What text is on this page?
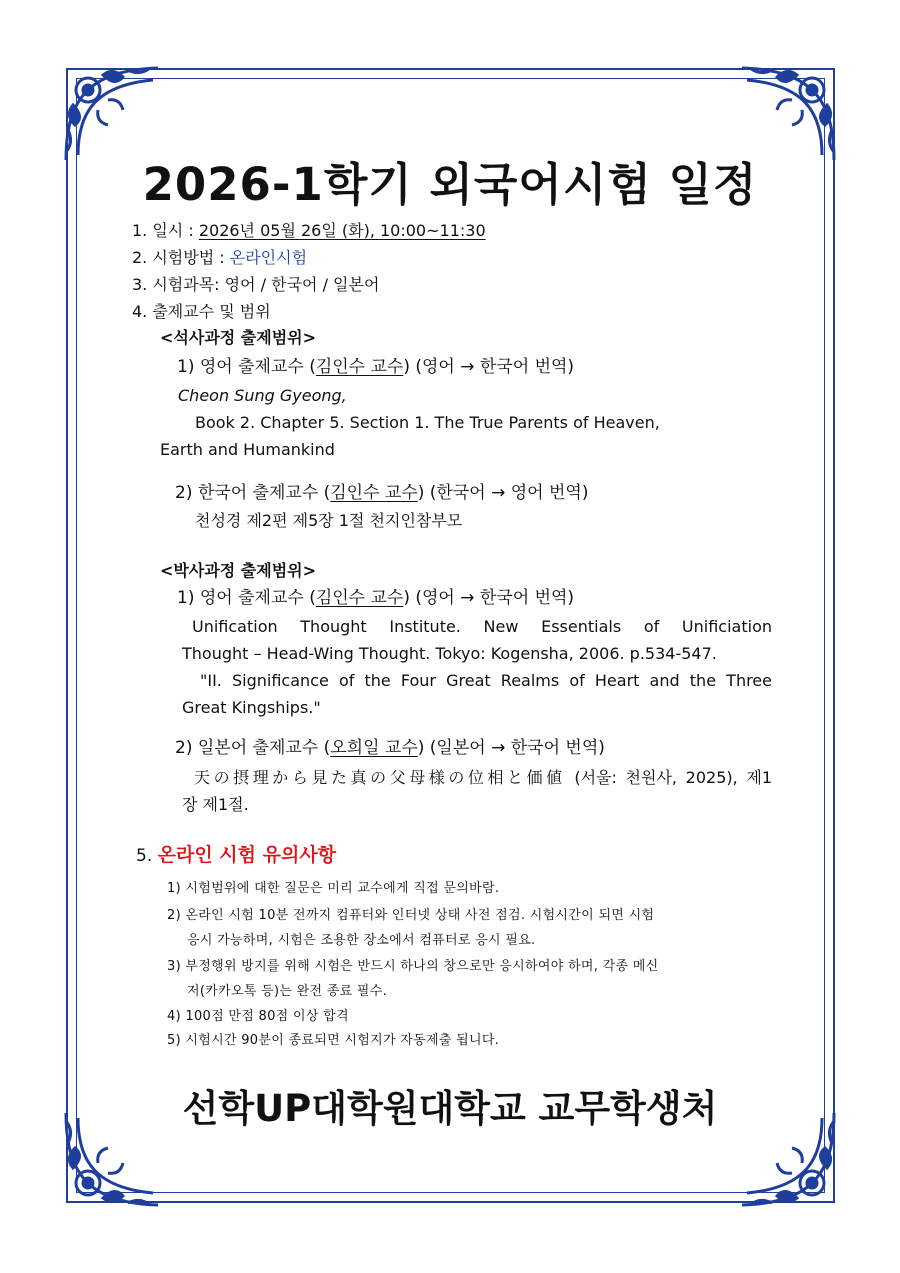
2026-1학기 외국어시험 일정
1. 일시 : 2026년 05월 26일 (화), 10:00~11:30
2. 시험방법 : 온라인시험
3. 시험과목: 영어 / 한국어 / 일본어
4. 출제교수 및 범위
<석사과정 출제범위>
1) 영어 출제교수 (김인수 교수) (영어 → 한국어 번역)
Cheon Sung Gyeong,
Book 2. Chapter 5. Section 1. The True Parents of Heaven,
Earth and Humankind
2) 한국어 출제교수 (김인수 교수) (한국어 → 영어 번역)
천성경 제2편 제5장 1절 천지인참부모
<박사과정 출제범위>
1) 영어 출제교수 (김인수 교수) (영어 → 한국어 번역)
Unification Thought Institute. New Essentials of Unificiation
Thought – Head-Wing Thought. Tokyo: Kogensha, 2006. p.534-547.
"II. Significance of the Four Great Realms of Heart and the Three
Great Kingships."
2) 일본어 출제교수 (오희일 교수) (일본어 → 한국어 번역)
天の摂理から見た真の父母様の位相と価値 (서울: 천원사, 2025), 제1
장 제1절.
5. 온라인 시험 유의사항
1) 시험범위에 대한 질문은 미리 교수에게 직접 문의바람.
2) 온라인 시험 10분 전까지 컴퓨터와 인터넷 상태 사전 점검. 시험시간이 되면 시험
응시 가능하며, 시험은 조용한 장소에서 컴퓨터로 응시 필요.
3) 부정행위 방지를 위해 시험은 반드시 하나의 창으로만 응시하여야 하며, 각종 메신
저(카카오톡 등)는 완전 종료 필수.
4) 100점 만점 80점 이상 합격
5) 시험시간 90분이 종료되면 시험지가 자동제출 됩니다.
선학UP대학원대학교 교무학생처
